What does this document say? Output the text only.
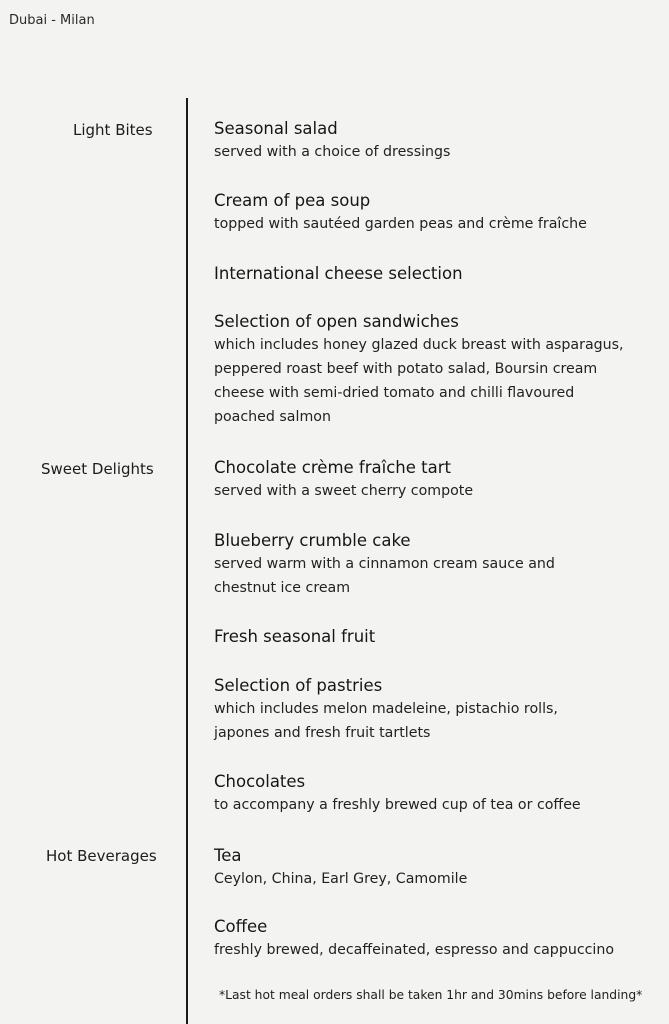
Dubai - Milan
Light Bites
Sweet Delights
Hot Beverages

Seasonal salad

served with a choice of dressings

Cream of pea soup

topped with sautéed garden peas and crème fraîche

International cheese selection

Selection of open sandwiches

which includes honey glazed duck breast with asparagus,

peppered roast beef with potato salad, Boursin cream

cheese with semi-dried tomato and chilli flavoured

poached salmon

Chocolate crème fraîche tart

served with a sweet cherry compote

Blueberry crumble cake

served warm with a cinnamon cream sauce and

chestnut ice cream

Fresh seasonal fruit

Selection of pastries

which includes melon madeleine, pistachio rolls,

japones and fresh fruit tartlets

Chocolates

to accompany a freshly brewed cup of tea or coffee

Tea

Ceylon, China, Earl Grey, Camomile

Coffee

freshly brewed, decaffeinated, espresso and cappuccino

*Last hot meal orders shall be taken 1hr and 30mins before landing*
